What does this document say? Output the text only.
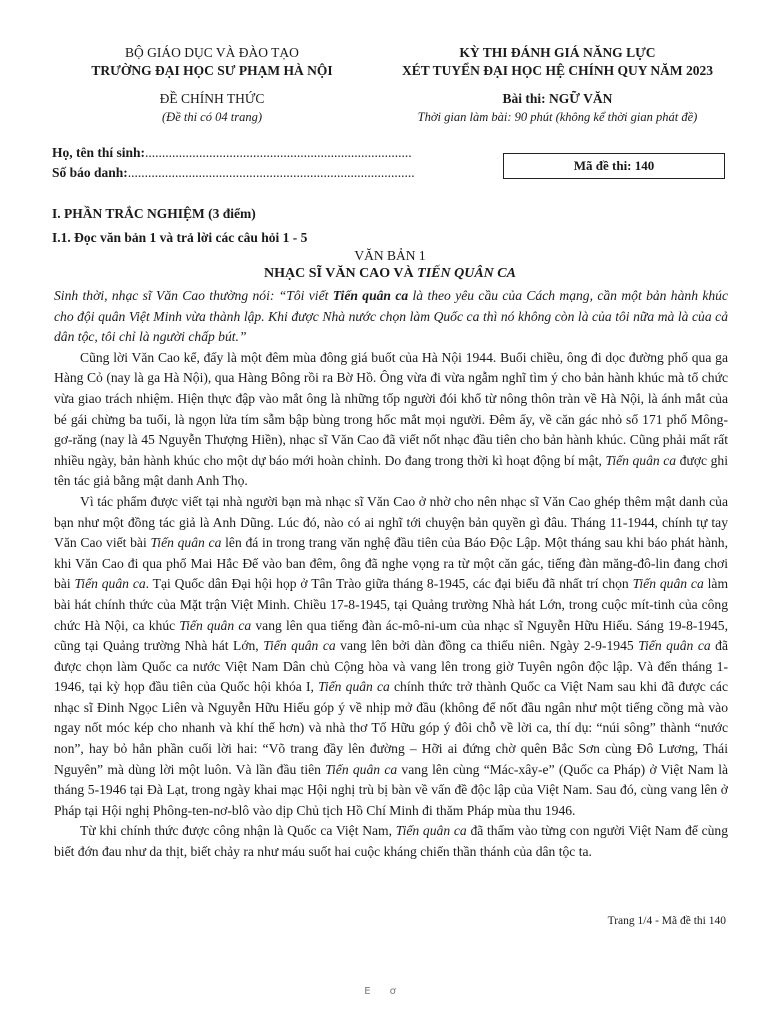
BỘ GIÁO DỤC VÀ ĐÀO TẠO
TRƯỜNG ĐẠI HỌC SƯ PHẠM HÀ NỘI
ĐỀ CHÍNH THỨC
(Đề thi có 04 trang)
KỲ THI ĐÁNH GIÁ NĂNG LỰC
XÉT TUYỂN ĐẠI HỌC HỆ CHÍNH QUY NĂM 2023
Bài thi: NGỮ VĂN
Thời gian làm bài: 90 phút (không kể thời gian phát đề)
Họ, tên thí sinh:...............................................................................
Số báo danh:.....................................................................................	Mã đề thi: 140
I. PHẦN TRẮC NGHIỆM (3 điểm)
I.1. Đọc văn bản 1 và trả lời các câu hỏi 1 - 5
VĂN BẢN 1
NHẠC SĨ VĂN CAO VÀ TIẾN QUÂN CA

Sinh thời, nhạc sĩ Văn Cao thường nói: “Tôi viết Tiến quân ca là theo yêu cầu của Cách mạng, cần một bản hành khúc cho đội quân Việt Minh vừa thành lập. Khi được Nhà nước chọn làm Quốc ca thì nó không còn là của tôi nữa mà là của cả dân tộc, tôi chỉ là người chấp bút.”

Cũng lời Văn Cao kể, đấy là một đêm mùa đông giá buốt của Hà Nội 1944. Buổi chiều, ông đi dọc đường phố qua ga Hàng Cỏ (nay là ga Hà Nội), qua Hàng Bông rồi ra Bờ Hồ. Ông vừa đi vừa ngẫm nghĩ tìm ý cho bản hành khúc mà tổ chức vừa giao trách nhiệm. Hiện thực đập vào mắt ông là những tốp người đói khổ từ nông thôn tràn về Hà Nội, là ánh mắt của bé gái chừng ba tuổi, là ngọn lửa tím sẫm bập bùng trong hốc mắt mọi người. Đêm ấy, về căn gác nhỏ số 171 phố Mông-gơ-răng (nay là 45 Nguyễn Thượng Hiền), nhạc sĩ Văn Cao đã viết nốt nhạc đầu tiên cho bản hành khúc. Cũng phải mất rất nhiều ngày, bản hành khúc cho một dự báo mới hoàn chỉnh. Do đang trong thời kì hoạt động bí mật, Tiến quân ca được ghi tên tác giả bằng mật danh Anh Thọ.

Vì tác phẩm được viết tại nhà người bạn mà nhạc sĩ Văn Cao ở nhờ cho nên nhạc sĩ Văn Cao ghép thêm mật danh của bạn như một đồng tác giả là Anh Dũng. Lúc đó, nào có ai nghĩ tới chuyện bản quyền gì đâu. Tháng 11-1944, chính tự tay Văn Cao viết bài Tiến quân ca lên đá in trong trang văn nghệ đầu tiên của Báo Độc Lập. Một tháng sau khi báo phát hành, khi Văn Cao đi qua phố Mai Hắc Đế vào ban đêm, ông đã nghe vọng ra từ một căn gác, tiếng đàn măng-đô-lin đang chơi bài Tiến quân ca. Tại Quốc dân Đại hội họp ở Tân Trào giữa tháng 8-1945, các đại biểu đã nhất trí chọn Tiến quân ca làm bài hát chính thức của Mặt trận Việt Minh. Chiều 17-8-1945, tại Quảng trường Nhà hát Lớn, trong cuộc mít-tinh của công chức Hà Nội, ca khúc Tiến quân ca vang lên qua tiếng đàn ác-mô-ni-um của nhạc sĩ Nguyễn Hữu Hiếu. Sáng 19-8-1945, cũng tại Quảng trường Nhà hát Lớn, Tiến quân ca vang lên bởi dàn đồng ca thiếu niên. Ngày 2-9-1945 Tiến quân ca đã được chọn làm Quốc ca nước Việt Nam Dân chủ Cộng hòa và vang lên trong giờ Tuyên ngôn độc lập. Và đến tháng 1-1946, tại kỳ họp đầu tiên của Quốc hội khóa I, Tiến quân ca chính thức trở thành Quốc ca Việt Nam sau khi đã được các nhạc sĩ Đinh Ngọc Liên và Nguyễn Hữu Hiếu góp ý về nhịp mở đầu (không để nốt đầu ngân như một tiếng cồng mà vào ngay nốt móc kép cho nhanh và khí thế hơn) và nhà thơ Tố Hữu góp ý đôi chỗ về lời ca, thí dụ: “núi sông” thành “nước non”, hay bỏ hẳn phần cuối lời hai: “Võ trang đầy lên đường – Hỡi ai đứng chờ quên Bắc Sơn cùng Đô Lương, Thái Nguyên” mà dùng lời một luôn. Và lần đầu tiên Tiến quân ca vang lên cùng “Mác-xây-e” (Quốc ca Pháp) ở Việt Nam là tháng 5-1946 tại Đà Lạt, trong ngày khai mạc Hội nghị trù bị bàn về vấn đề độc lập của Việt Nam. Sau đó, cùng vang lên ở Pháp tại Hội nghị Phông-ten-nơ-blô vào dịp Chủ tịch Hồ Chí Minh đi thăm Pháp mùa thu 1946.

Từ khi chính thức được công nhận là Quốc ca Việt Nam, Tiến quân ca đã thấm vào từng con người Việt Nam để cùng biết đớn đau như da thịt, biết chảy ra như máu suốt hai cuộc kháng chiến thần thánh của dân tộc ta.

Trang 1/4 - Mã đề thi 140
E ơ
